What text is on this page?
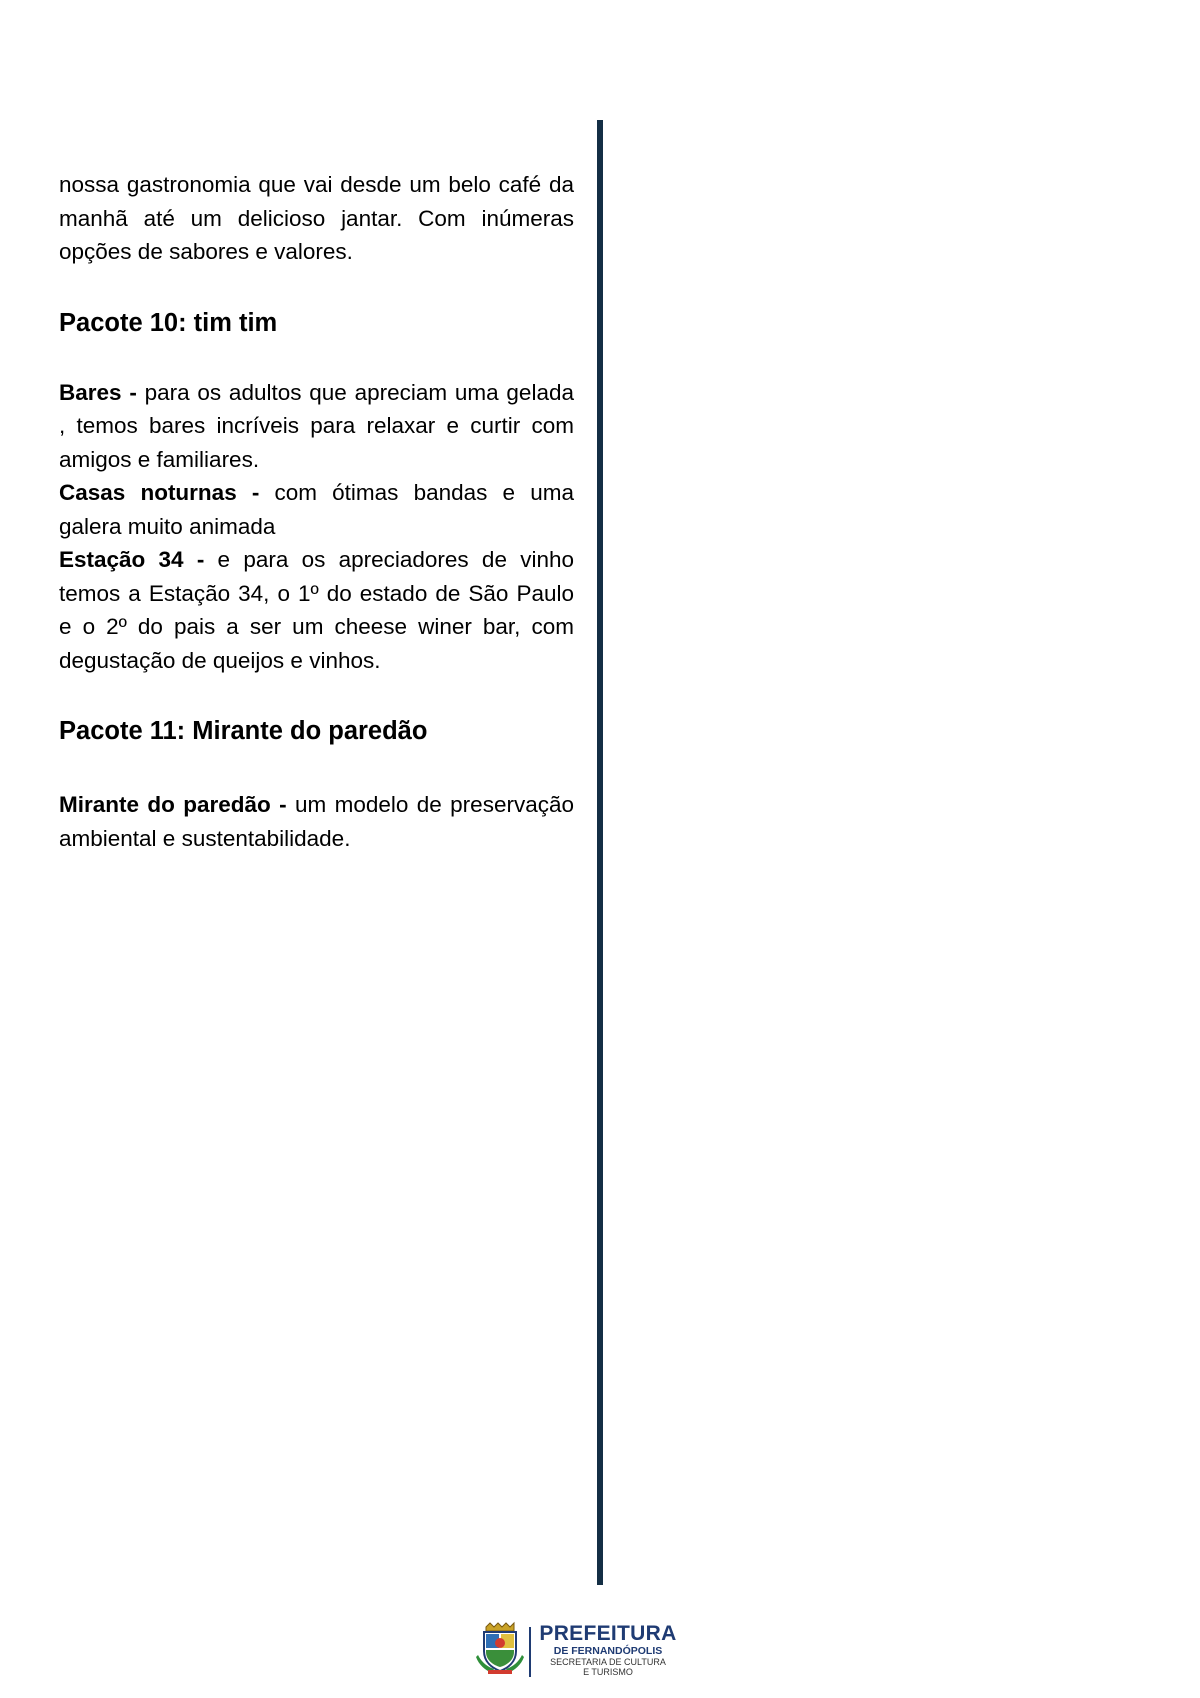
nossa gastronomia que vai desde um belo café da manhã até um delicioso jantar. Com inúmeras opções de sabores e valores.

Pacote 10: tim tim

Bares - para os adultos que apreciam uma gelada , temos bares incríveis para relaxar e curtir com amigos e familiares.

Casas noturnas - com ótimas bandas e uma galera muito animada

Estação 34 - e para os apreciadores de vinho temos a Estação 34, o 1º do estado de São Paulo e o 2º do pais a ser um cheese winer bar, com degustação de queijos e vinhos.

Pacote 11: Mirante do paredão

Mirante do paredão - um modelo de preservação ambiental e sustentabilidade.

PREFEITURA
DE FERNANDÓPOLIS
SECRETARIA DE CULTURA
E TURISMO
